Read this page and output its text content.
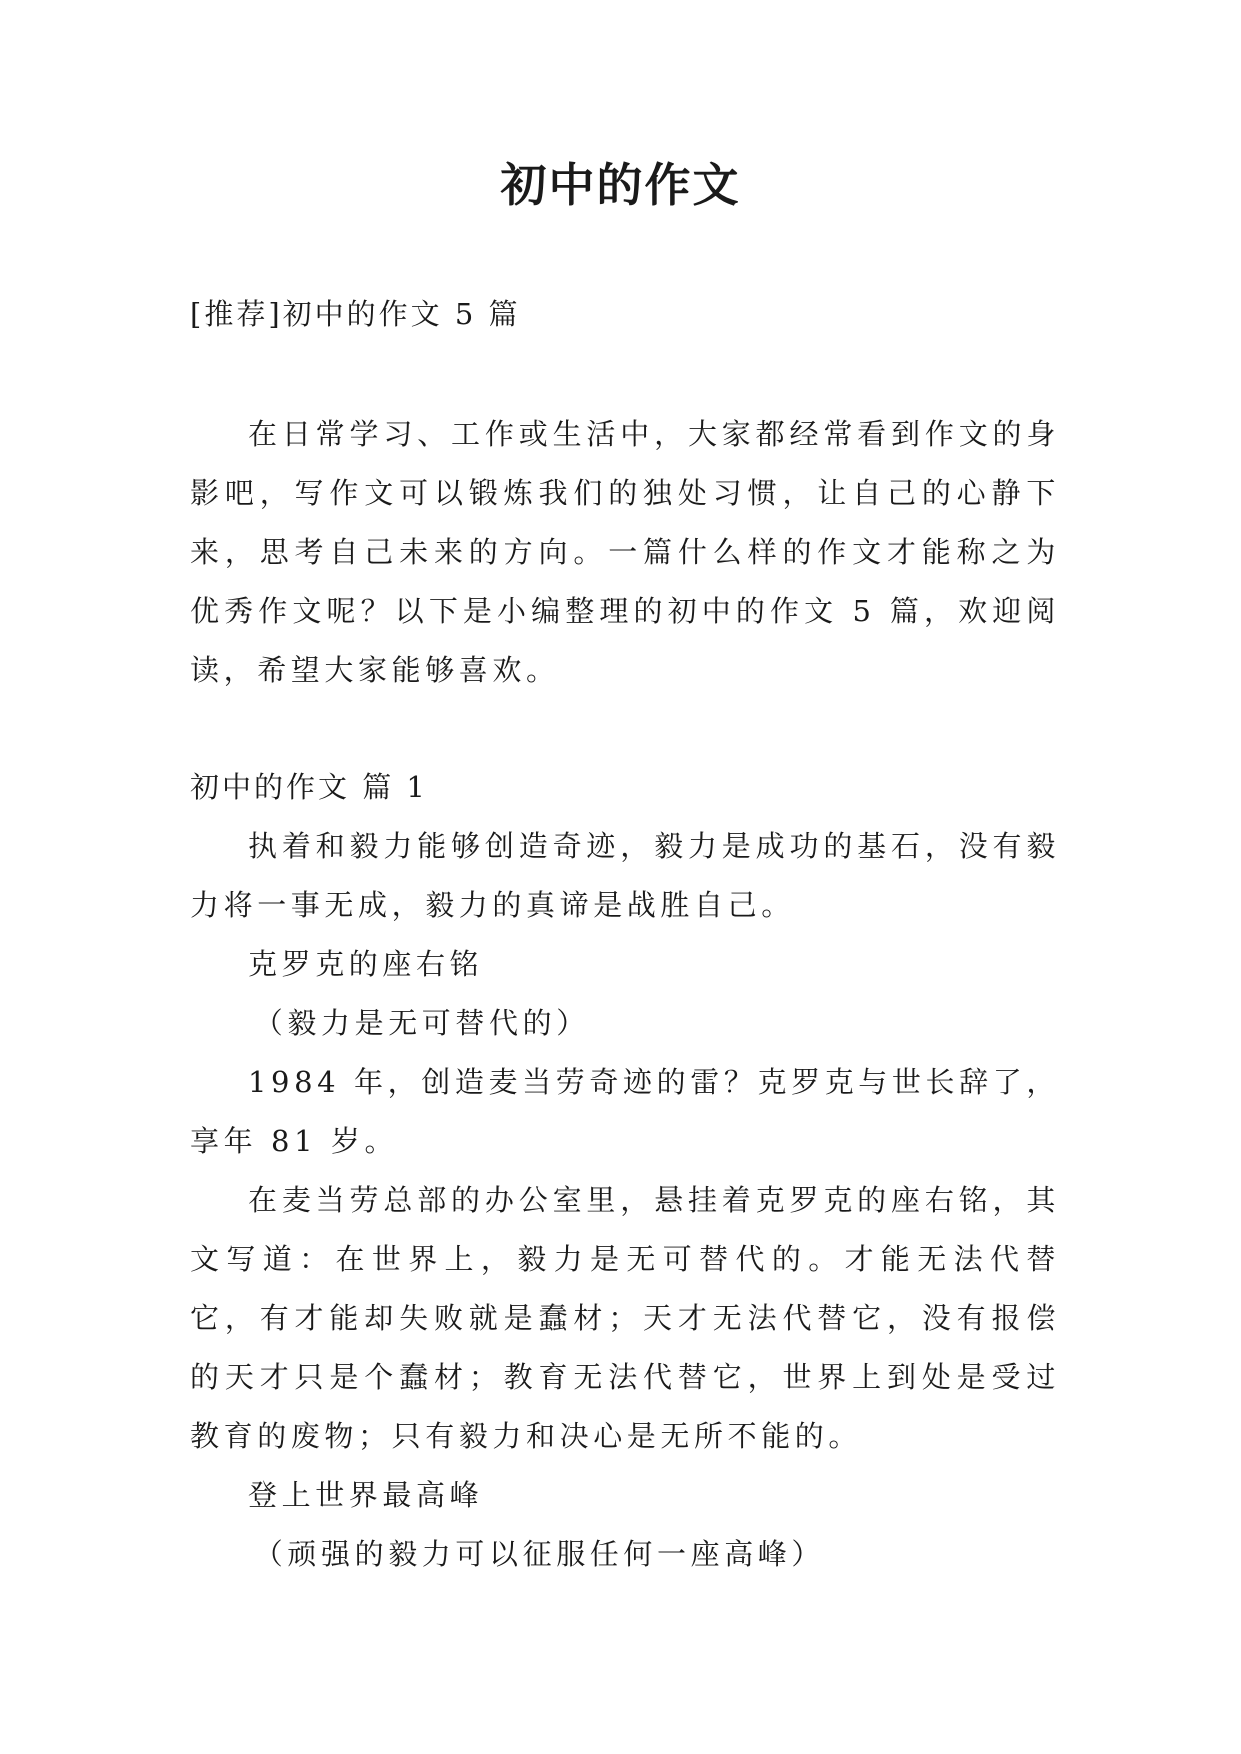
初中的作文
[推荐]初中的作文 5 篇

在日常学习、工作或生活中，大家都经常看到作文的身影吧，写作文可以锻炼我们的独处习惯，让自己的心静下来，思考自己未来的方向。一篇什么样的作文才能称之为优秀作文呢？以下是小编整理的初中的作文 5 篇，欢迎阅读，希望大家能够喜欢。

初中的作文 篇 1

执着和毅力能够创造奇迹，毅力是成功的基石，没有毅力将一事无成，毅力的真谛是战胜自己。

克罗克的座右铭

（毅力是无可替代的）

1984 年，创造麦当劳奇迹的雷？克罗克与世长辞了，享年 81 岁。

在麦当劳总部的办公室里，悬挂着克罗克的座右铭，其文写道：在世界上，毅力是无可替代的。才能无法代替它，有才能却失败就是蠢材；天才无法代替它，没有报偿的天才只是个蠢材；教育无法代替它，世界上到处是受过教育的废物；只有毅力和决心是无所不能的。

登上世界最高峰

（顽强的毅力可以征服任何一座高峰）
